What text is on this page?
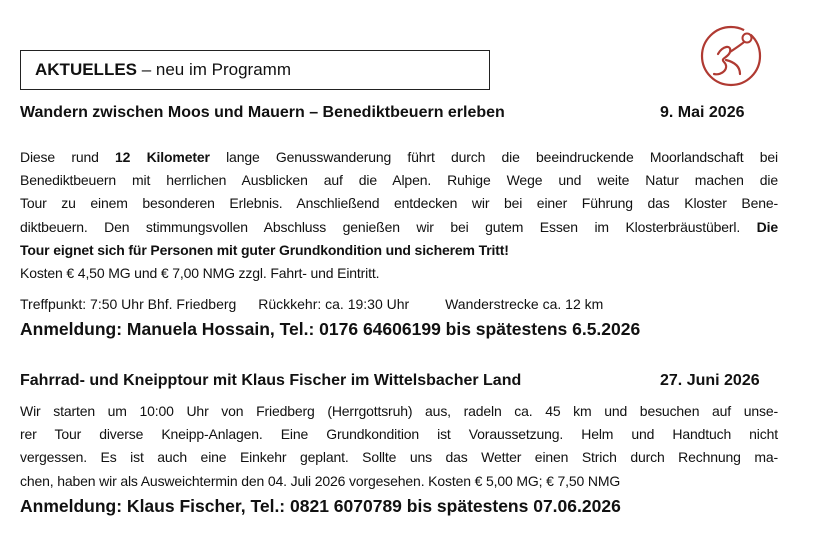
AKTUELLES – neu im Programm
Wandern zwischen Moos und Mauern – Benediktbeuern erleben	9. Mai 2026
Diese rund 12 Kilometer lange Genusswanderung führt durch die beeindruckende Moorlandschaft bei
Benediktbeuern mit herrlichen Ausblicken auf die Alpen. Ruhige Wege und weite Natur machen die
Tour zu einem besonderen Erlebnis. Anschließend entdecken wir bei einer Führung das Kloster Bene-
diktbeuern. Den stimmungsvollen Abschluss genießen wir bei gutem Essen im Klosterbräustüberl. Die
Tour eignet sich für Personen mit guter Grundkondition und sicherem Tritt!
Kosten € 4,50 MG und € 7,00 NMG zzgl. Fahrt- und Eintritt.
Treffpunkt: 7:50 Uhr Bhf. Friedberg Rückkehr: ca. 19:30 Uhr	Wanderstrecke ca. 12 km
Anmeldung: Manuela Hossain, Tel.: 0176 64606199 bis spätestens 6.5.2026
Fahrrad- und Kneipptour mit Klaus Fischer im Wittelsbacher Land	27. Juni 2026
Wir starten um 10:00 Uhr von Friedberg (Herrgottsruh) aus, radeln ca. 45 km und besuchen auf unse-
rer Tour diverse Kneipp-Anlagen. Eine Grundkondition ist Voraussetzung. Helm und Handtuch nicht
vergessen. Es ist auch eine Einkehr geplant. Sollte uns das Wetter einen Strich durch Rechnung ma-
chen, haben wir als Ausweichtermin den 04. Juli 2026 vorgesehen. Kosten € 5,00 MG; € 7,50 NMG
Anmeldung: Klaus Fischer, Tel.: 0821 6070789 bis spätestens 07.06.2026
